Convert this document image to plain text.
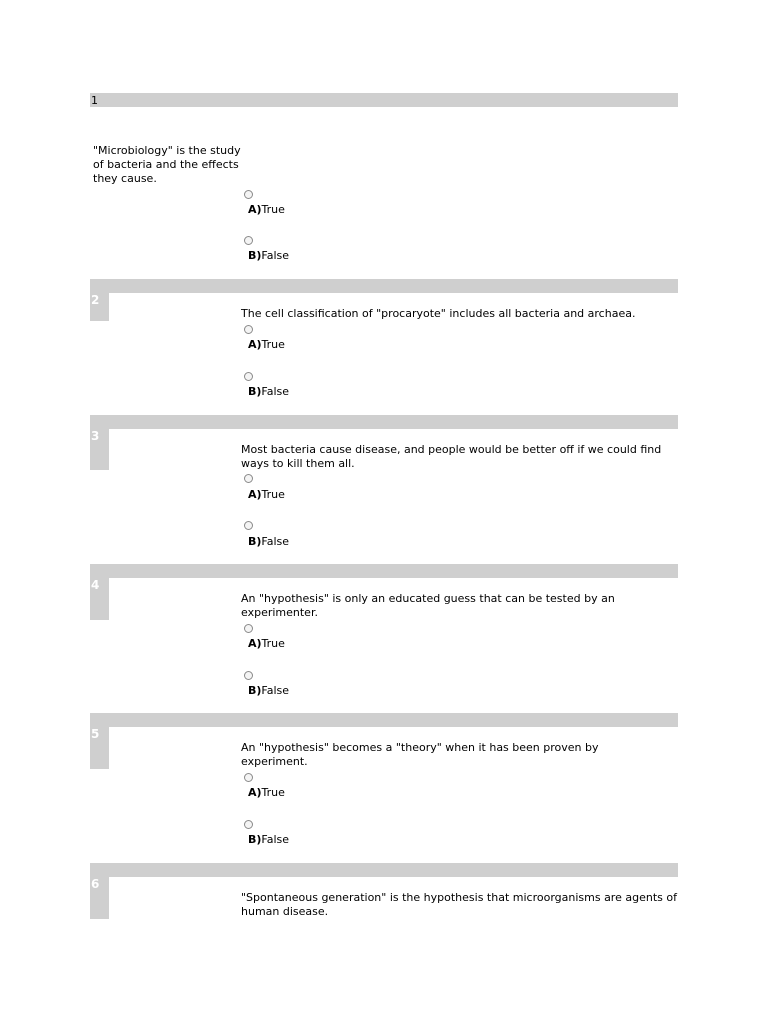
1
"Microbiology" is the study of bacteria and the effects they cause.
A)True
B)False
2
The cell classification of "procaryote" includes all bacteria and archaea.
A)True
B)False
3
Most bacteria cause disease, and people would be better off if we could find ways to kill them all.
A)True
B)False
4
An "hypothesis" is only an educated guess that can be tested by an experimenter.
A)True
B)False
5
An "hypothesis" becomes a "theory" when it has been proven by experiment.
A)True
B)False
6
"Spontaneous generation" is the hypothesis that microorganisms are agents of human disease.
